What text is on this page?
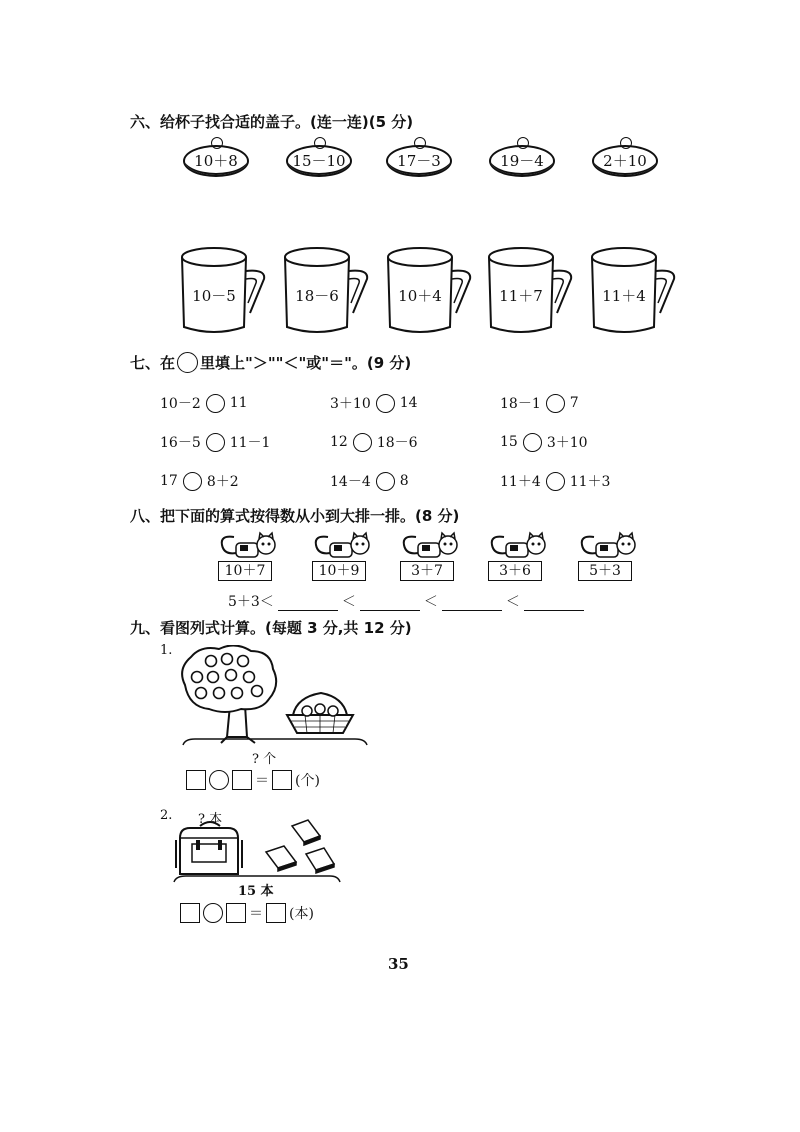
六、给杯子找合适的盖子。(连一连)(5 分)
10＋8	15－10	17－3	19－4	2＋10
10－5	18－6	10＋4	11＋7	11＋4
七、在 里填上"＞""＜"或"＝"。(9 分)
10－2 11	3＋10 14	18－1 7
16－5 11－1	12 18－6	15 3＋10
17 8＋2	14－4 8	11＋4 11＋3
八、把下面的算式按得数从小到大排一排。(8 分)
10＋7	10＋9	3＋7	3＋6	5＋3
5＋3＜	＜	＜	＜
九、看图列式计算。(每题 3 分,共 12 分)
1.
? 个
＝ (个)
2. ? 本
15 本
＝ (本)
35
